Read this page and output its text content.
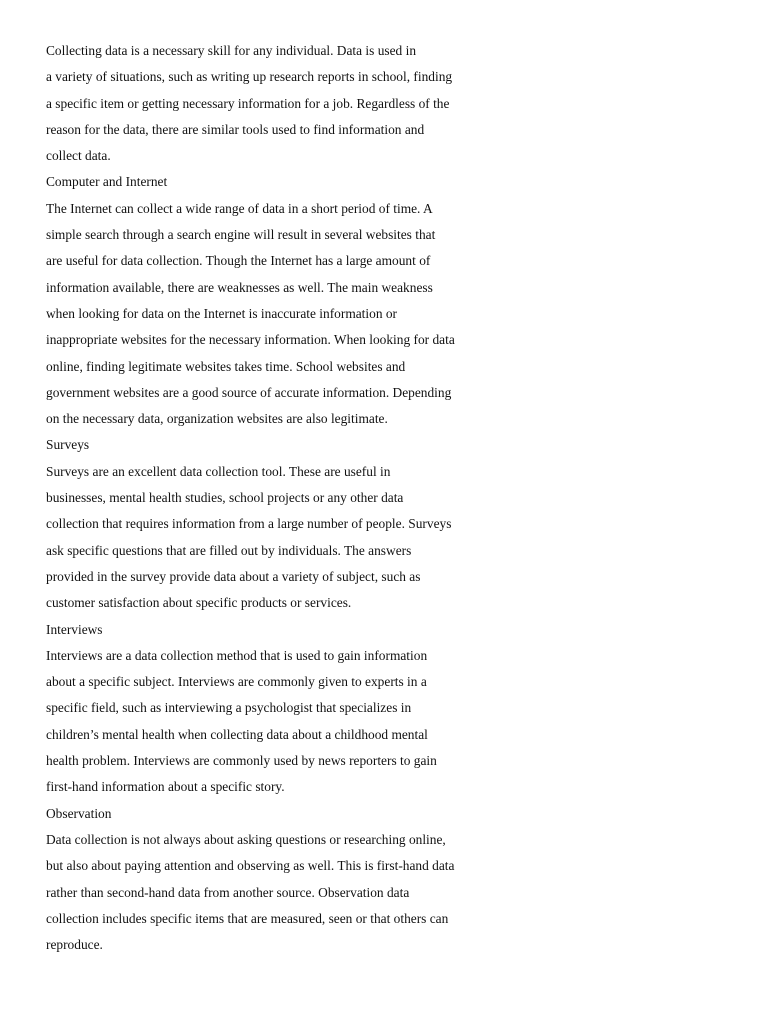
Collecting data is a necessary skill for any individual. Data is used in
a variety of situations, such as writing up research reports in school, finding
a specific item or getting necessary information for a job. Regardless of the
reason for the data, there are similar tools used to find information and
collect data.
Computer and Internet
The Internet can collect a wide range of data in a short period of time. A
simple search through a search engine will result in several websites that
are useful for data collection. Though the Internet has a large amount of
information available, there are weaknesses as well. The main weakness
when looking for data on the Internet is inaccurate information or
inappropriate websites for the necessary information. When looking for data
online, finding legitimate websites takes time. School websites and
government websites are a good source of accurate information. Depending
on the necessary data, organization websites are also legitimate.
Surveys
Surveys are an excellent data collection tool. These are useful in
businesses, mental health studies, school projects or any other data
collection that requires information from a large number of people. Surveys
ask specific questions that are filled out by individuals. The answers
provided in the survey provide data about a variety of subject, such as
customer satisfaction about specific products or services.
Interviews
Interviews are a data collection method that is used to gain information
about a specific subject. Interviews are commonly given to experts in a
specific field, such as interviewing a psychologist that specializes in
children’s mental health when collecting data about a childhood mental
health problem. Interviews are commonly used by news reporters to gain
first-hand information about a specific story.
Observation
Data collection is not always about asking questions or researching online,
but also about paying attention and observing as well. This is first-hand data
rather than second-hand data from another source. Observation data
collection includes specific items that are measured, seen or that others can
reproduce.
